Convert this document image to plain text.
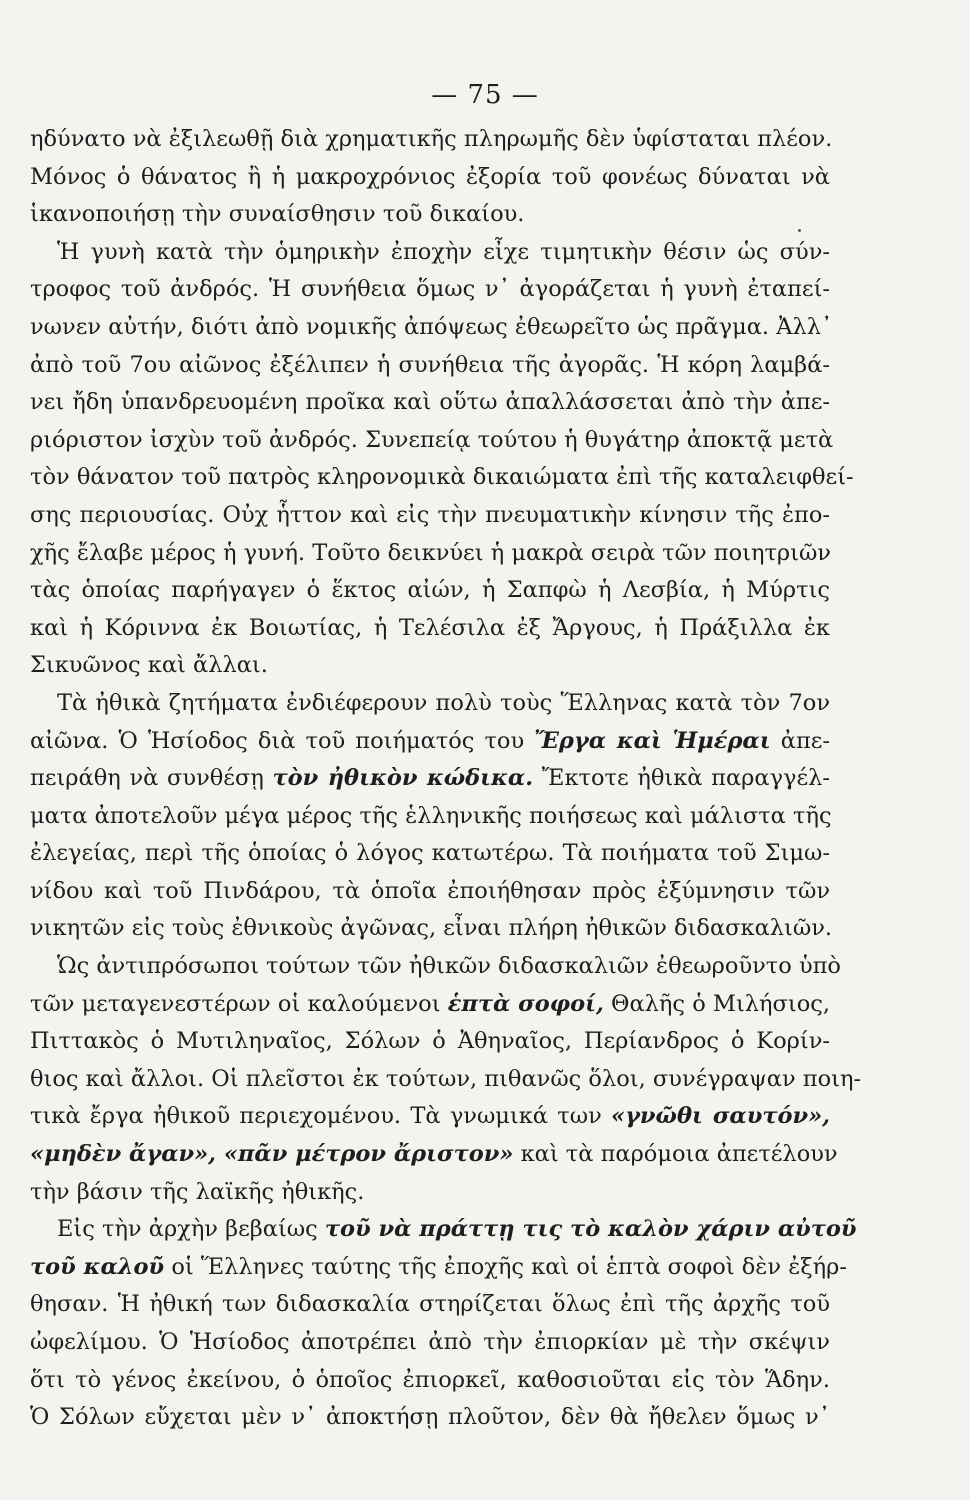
— 75 —
ηδύνατο νὰ ἐξιλεωθῇ διὰ χρηματικῆς πληρωμῆς δὲν ὑφίσταται πλέον.
Μόνος ὁ θάνατος ἢ ἡ μακροχρόνιος ἐξορία τοῦ φονέως δύναται νὰ
ἱκανοποιήσῃ τὴν συναίσθησιν τοῦ δικαίου.
Ἡ γυνὴ κατὰ τὴν ὁμηρικὴν ἐποχὴν εἶχε τιμητικὴν θέσιν ὡς σύν-
τροφος τοῦ ἀνδρός. Ἡ συνήθεια ὅμως ν᾿ ἀγοράζεται ἡ γυνὴ ἐταπεί-
νωνεν αὐτήν, διότι ἀπὸ νομικῆς ἀπόψεως ἐθεωρεῖτο ὡς πρᾶγμα. Ἀλλ᾿
ἀπὸ τοῦ 7ου αἰῶνος ἐξέλιπεν ἡ συνήθεια τῆς ἀγορᾶς. Ἡ κόρη λαμβά-
νει ἤδη ὑπανδρευομένη προῖκα καὶ οὕτω ἀπαλλάσσεται ἀπὸ τὴν ἀπε-
ριόριστον ἰσχὺν τοῦ ἀνδρός. Συνεπείᾳ τούτου ἡ θυγάτηρ ἀποκτᾷ μετὰ
τὸν θάνατον τοῦ πατρὸς κληρονομικὰ δικαιώματα ἐπὶ τῆς καταλειφθεί-
σης περιουσίας. Οὐχ ἧττον καὶ εἰς τὴν πνευματικὴν κίνησιν τῆς ἐπο-
χῆς ἔλαβε μέρος ἡ γυνή. Τοῦτο δεικνύει ἡ μακρὰ σειρὰ τῶν ποιητριῶν
τὰς ὁποίας παρήγαγεν ὁ ἕκτος αἰών, ἡ Σαπφὼ ἡ Λεσβία, ἡ Μύρτις
καὶ ἡ Κόριννα ἐκ Βοιωτίας, ἡ Τελέσιλα ἐξ Ἄργους, ἡ Πράξιλλα ἐκ
Σικυῶνος καὶ ἄλλαι.
Τὰ ἠθικὰ ζητήματα ἐνδιέφερουν πολὺ τοὺς Ἕλληνας κατὰ τὸν 7ον
αἰῶνα. Ὁ Ἡσίοδος διὰ τοῦ ποιήματός του Ἔργα καὶ Ἡμέραι ἀπε-
πειράθη νὰ συνθέσῃ τὸν ἠθικὸν κώδικα. Ἔκτοτε ἠθικὰ παραγγέλ-
ματα ἀποτελοῦν μέγα μέρος τῆς ἑλληνικῆς ποιήσεως καὶ μάλιστα τῆς
ἐλεγείας, περὶ τῆς ὁποίας ὁ λόγος κατωτέρω. Τὰ ποιήματα τοῦ Σιμω-
νίδου καὶ τοῦ Πινδάρου, τὰ ὁποῖα ἐποιήθησαν πρὸς ἐξύμνησιν τῶν
νικητῶν εἰς τοὺς ἐθνικοὺς ἀγῶνας, εἶναι πλήρη ἠθικῶν διδασκαλιῶν.
Ὡς ἀντιπρόσωποι τούτων τῶν ἠθικῶν διδασκαλιῶν ἐθεωροῦντο ὑπὸ
τῶν μεταγενεστέρων οἱ καλούμενοι ἑπτὰ σοφοί, Θαλῆς ὁ Μιλήσιος,
Πιττακὸς ὁ Μυτιληναῖος, Σόλων ὁ Ἀθηναῖος, Περίανδρος ὁ Κορίν-
θιος καὶ ἄλλοι. Οἱ πλεῖστοι ἐκ τούτων, πιθανῶς ὅλοι, συνέγραψαν ποιη-
τικὰ ἔργα ἠθικοῦ περιεχομένου. Τὰ γνωμικά των «γνῶθι σαυτόν»,
«μηδὲν ἄγαν», «πᾶν μέτρον ἄριστον» καὶ τὰ παρόμοια ἀπετέλουν
τὴν βάσιν τῆς λαϊκῆς ἠθικῆς.
Εἰς τὴν ἀρχὴν βεβαίως τοῦ νὰ πράττῃ τις τὸ καλὸν χάριν αὐτοῦ
τοῦ καλοῦ οἱ Ἕλληνες ταύτης τῆς ἐποχῆς καὶ οἱ ἑπτὰ σοφοὶ δὲν ἐξήρ-
θησαν. Ἡ ἠθική των διδασκαλία στηρίζεται ὅλως ἐπὶ τῆς ἀρχῆς τοῦ
ὠφελίμου. Ὁ Ἡσίοδος ἀποτρέπει ἀπὸ τὴν ἐπιορκίαν μὲ τὴν σκέψιν
ὅτι τὸ γένος ἐκείνου, ὁ ὁποῖος ἐπιορκεῖ, καθοσιοῦται εἰς τὸν Ἅδην.
Ὁ Σόλων εὔχεται μὲν ν᾿ ἀποκτήσῃ πλοῦτον, δὲν θὰ ἤθελεν ὅμως ν᾿
